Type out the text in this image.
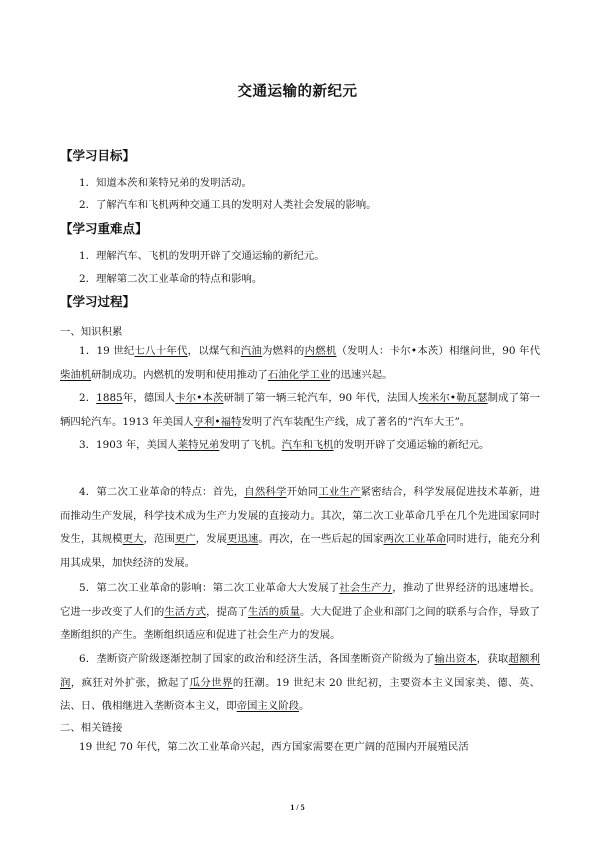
交通运输的新纪元
【学习目标】
1．知道本茨和莱特兄弟的发明活动。
2．了解汽车和飞机两种交通工具的发明对人类社会发展的影响。
【学习重难点】
1．理解汽车、飞机的发明开辟了交通运输的新纪元。
2．理解第二次工业革命的特点和影响。
【学习过程】
一、知识积累
1．19 世纪七八十年代，以煤气和汽油为燃料的内燃机（发明人：卡尔•本茨）相继问世，90 年代柴油机研制成功。内燃机的发明和使用推动了石油化学工业的迅速兴起。
2．1885年，德国人卡尔•本茨研制了第一辆三轮汽车，90 年代，法国人埃米尔•勒瓦瑟制成了第一辆四轮汽车。1913 年美国人亨利•福特发明了汽车装配生产线，成了著名的“汽车大王”。
3．1903 年，美国人莱特兄弟发明了飞机。汽车和飞机的发明开辟了交通运输的新纪元。
4．第二次工业革命的特点：首先，自然科学开始同工业生产紧密结合，科学发展促进技术革新，进而推动生产发展，科学技术成为生产力发展的直接动力。其次，第二次工业革命几乎在几个先进国家同时发生，其规模更大，范围更广，发展更迅速。再次，在一些后起的国家两次工业革命同时进行，能充分利用其成果，加快经济的发展。
5．第二次工业革命的影响：第二次工业革命大大发展了社会生产力，推动了世界经济的迅速增长。它进一步改变了人们的生活方式，提高了生活的质量。大大促进了企业和部门之间的联系与合作，导致了垄断组织的产生。垄断组织适应和促进了社会生产力的发展。
6．垄断资产阶级逐渐控制了国家的政治和经济生活，各国垄断资产阶级为了输出资本，获取超额利润，疯狂对外扩张，掀起了瓜分世界的狂潮。19 世纪末 20 世纪初，主要资本主义国家美、德、英、法、日、俄相继进入垄断资本主义，即帝国主义阶段。
二、相关链接
19 世纪 70 年代，第二次工业革命兴起，西方国家需要在更广阔的范围内开展殖民活
1 / 5
